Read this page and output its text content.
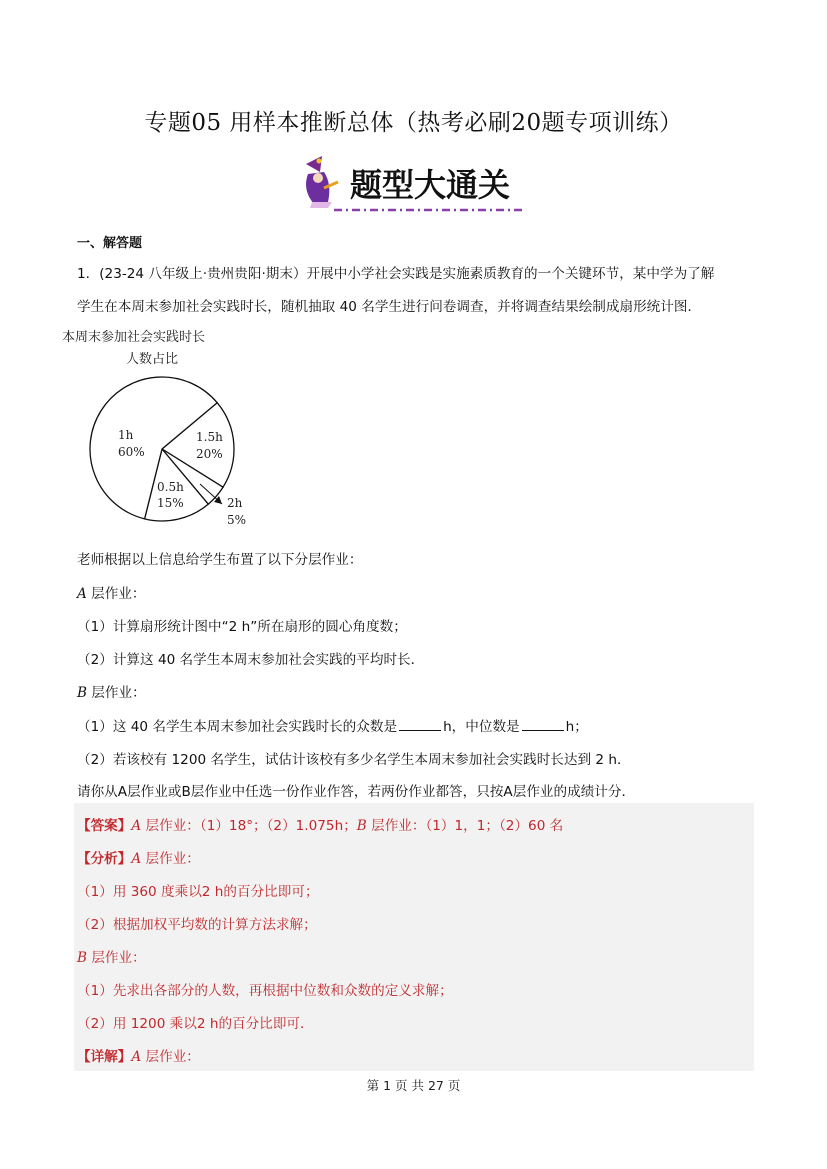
专题05 用样本推断总体（热考必刷20题专项训练）
题型大通关
一、解答题
1．(23-24 八年级上·贵州贵阳·期末）开展中小学社会实践是实施素质教育的一个关键环节，某中学为了解
学生在本周末参加社会实践时长，随机抽取 40 名学生进行问卷调查，并将调查结果绘制成扇形统计图．
本周末参加社会实践时长
人数占比
1h
60%
1.5h
20%
0.5h
15%	2h
5%
老师根据以上信息给学生布置了以下分层作业：
A 层作业：
（1）计算扇形统计图中“2 h”所在扇形的圆心角度数；
（2）计算这 40 名学生本周末参加社会实践的平均时长．
B 层作业：
（1）这 40 名学生本周末参加社会实践时长的众数是	h，中位数是	h；
（2）若该校有 1200 名学生，试估计该校有多少名学生本周末参加社会实践时长达到 2 h．
请你从A层作业或B层作业中任选一份作业作答，若两份作业都答，只按A层作业的成绩计分．
【答案】A 层作业：（1）18°；（2）1.075h；B 层作业：（1）1，1；（2）60 名
【分析】A 层作业：
（1）用 360 度乘以2 h的百分比即可；
（2）根据加权平均数的计算方法求解；
B 层作业：
（1）先求出各部分的人数，再根据中位数和众数的定义求解；
（2）用 1200 乘以2 h的百分比即可．
【详解】A 层作业：
第 1 页 共 27 页
